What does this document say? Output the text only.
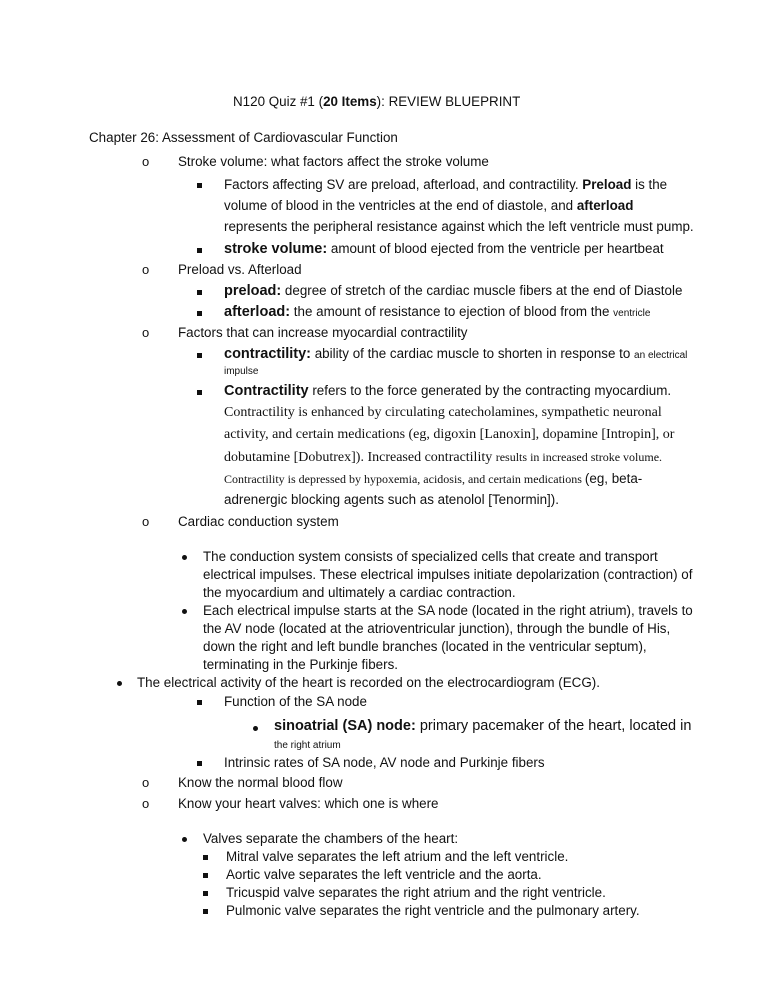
N120 Quiz #1 (20 Items): REVIEW BLUEPRINT
Chapter 26: Assessment of Cardiovascular Function
o Stroke volume: what factors affect the stroke volume
Factors affecting SV are preload, afterload, and contractility. Preload is the
volume of blood in the ventricles at the end of diastole, and afterload
represents the peripheral resistance against which the left ventricle must pump.
stroke volume: amount of blood ejected from the ventricle per heartbeat
o Preload vs. Afterload
preload: degree of stretch of the cardiac muscle fibers at the end of Diastole
afterload: the amount of resistance to ejection of blood from the ventricle
o Factors that can increase myocardial contractility
contractility: ability of the cardiac muscle to shorten in response to an electrical
impulse
Contractility refers to the force generated by the contracting myocardium.
Contractility is enhanced by circulating catecholamines, sympathetic neuronal
activity, and certain medications (eg, digoxin [Lanoxin], dopamine [Intropin], or
dobutamine [Dobutrex]). Increased contractility results in increased stroke volume.
Contractility is depressed by hypoxemia, acidosis, and certain medications (eg, beta-
adrenergic blocking agents such as atenolol [Tenormin]).
o Cardiac conduction system
The conduction system consists of specialized cells that create and transport
electrical impulses. These electrical impulses initiate depolarization (contraction) of
the myocardium and ultimately a cardiac contraction.
Each electrical impulse starts at the SA node (located in the right atrium), travels to
the AV node (located at the atrioventricular junction), through the bundle of His,
down the right and left bundle branches (located in the ventricular septum),
terminating in the Purkinje fibers.
The electrical activity of the heart is recorded on the electrocardiogram (ECG).
Function of the SA node
sinoatrial (SA) node: primary pacemaker of the heart, located in
the right atrium
Intrinsic rates of SA node, AV node and Purkinje fibers
o Know the normal blood flow
o Know your heart valves: which one is where
Valves separate the chambers of the heart:
Mitral valve separates the left atrium and the left ventricle.
Aortic valve separates the left ventricle and the aorta.
Tricuspid valve separates the right atrium and the right ventricle.
Pulmonic valve separates the right ventricle and the pulmonary artery.
